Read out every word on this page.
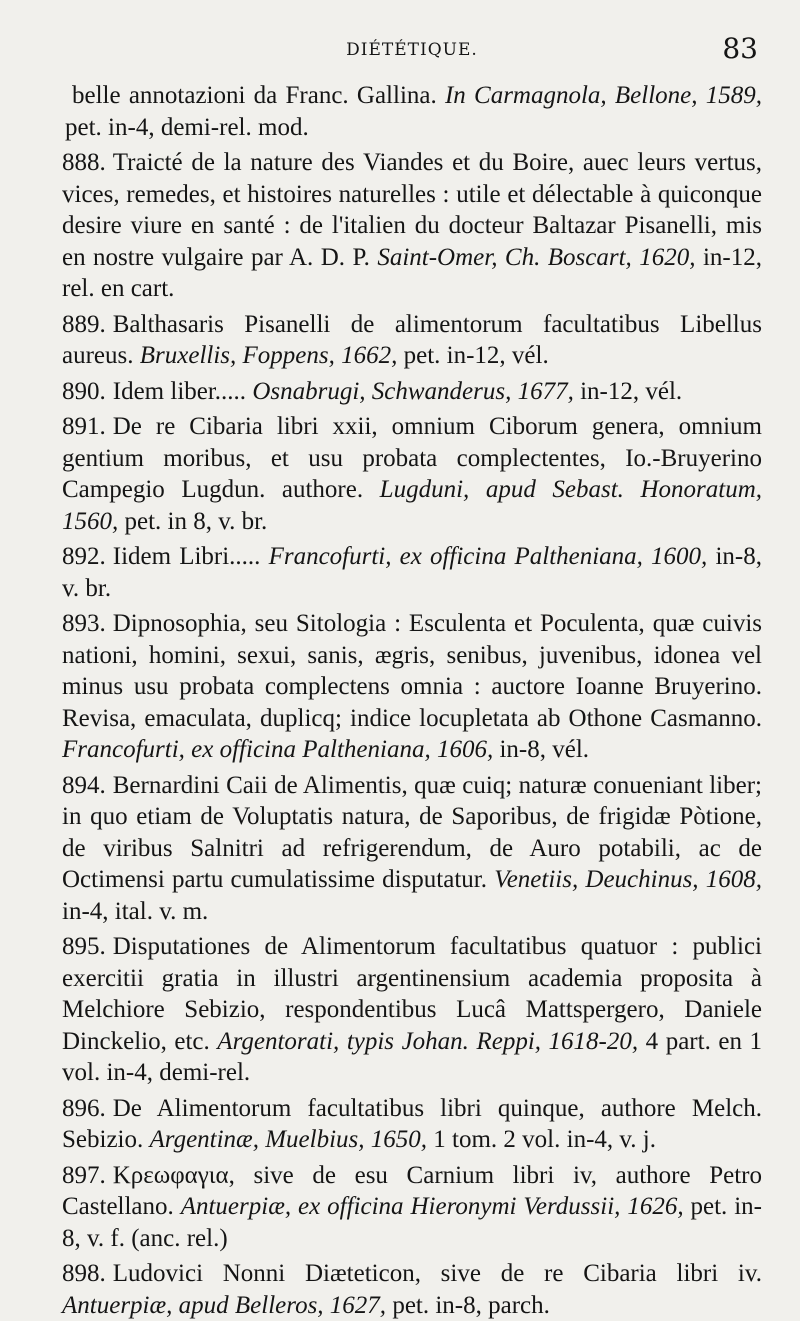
DIÉTÉTIQUE.	83

belle annotazioni da Franc. Gallina. In Carmagnola, Bellone, 1589, pet. in-4, demi-rel. mod.

888. Traicté de la nature des Viandes et du Boire, auec leurs vertus, vices, remedes, et histoires naturelles : utile et délectable à quiconque desire viure en santé : de l'italien du docteur Baltazar Pisanelli, mis en nostre vulgaire par A. D. P. Saint-Omer, Ch. Boscart, 1620, in-12, rel. en cart.

889. Balthasaris Pisanelli de alimentorum facultatibus Libellus aureus. Bruxellis, Foppens, 1662, pet. in-12, vél.

890. Idem liber..... Osnabrugi, Schwanderus, 1677, in-12, vél.

891. De re Cibaria libri xxii, omnium Ciborum genera, omnium gentium moribus, et usu probata complectentes, Io.-Bruyerino Campegio Lugdun. authore. Lugduni, apud Sebast. Honoratum, 1560, pet. in 8, v. br.

892. Iidem Libri..... Francofurti, ex officina Paltheniana, 1600, in-8, v. br.

893. Dipnosophia, seu Sitologia : Esculenta et Poculenta, quæ cuivis nationi, homini, sexui, sanis, ægris, senibus, juvenibus, idonea vel minus usu probata complectens omnia : auctore Ioanne Bruyerino. Revisa, emaculata, duplicq; indice locupletata ab Othone Casmanno. Francofurti, ex officina Paltheniana, 1606, in-8, vél.

894. Bernardini Caii de Alimentis, quæ cuiq; naturæ conueniant liber; in quo etiam de Voluptatis natura, de Saporibus, de frigidæ Pòtione, de viribus Salnitri ad refrigerendum, de Auro potabili, ac de Octimensi partu cumulatissime disputatur. Venetiis, Deuchinus, 1608, in-4, ital. v. m.

895. Disputationes de Alimentorum facultatibus quatuor : publici exercitii gratia in illustri argentinensium academia proposita à Melchiore Sebizio, respondentibus Lucâ Mattspergero, Daniele Dinckelio, etc. Argentorati, typis Johan. Reppi, 1618-20, 4 part. en 1 vol. in-4, demi-rel.

896. De Alimentorum facultatibus libri quinque, authore Melch. Sebizio. Argentinæ, Muelbius, 1650, 1 tom. 2 vol. in-4, v. j.

897. Κρεωφαγια, sive de esu Carnium libri iv, authore Petro Castellano. Antuerpiæ, ex officina Hieronymi Verdussii, 1626, pet. in-8, v. f. (anc. rel.)

898. Ludovici Nonni Diæteticon, sive de re Cibaria libri iv. Antuerpiæ, apud Belleros, 1627, pet. in-8, parch.
